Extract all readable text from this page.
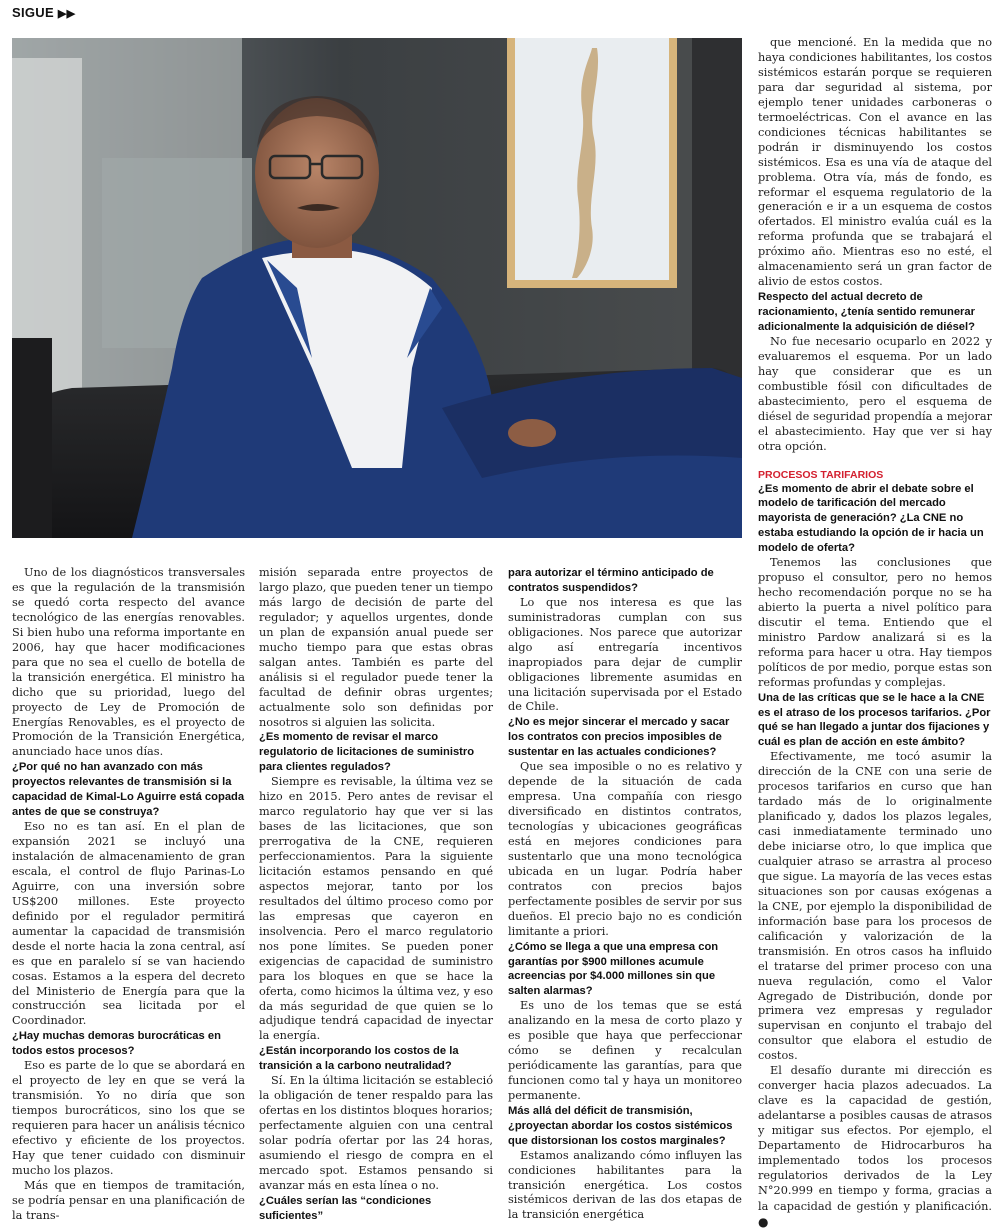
SIGUE ▶▶

que mencioné. En la medida que no haya condiciones habilitantes, los costos sistémicos estarán porque se requieren para dar seguridad al sistema, por ejemplo tener unidades carboneras o termoeléctricas. Con el avance en las condiciones técnicas habilitantes se podrán ir disminuyendo los costos sistémicos. Esa es una vía de ataque del problema. Otra vía, más de fondo, es reformar el esquema regulatorio de la generación e ir a un esquema de costos ofertados. El ministro evalúa cuál es la reforma profunda que se trabajará el próximo año. Mientras eso no esté, el almacenamiento será un gran factor de alivio de estos costos.

Respecto del actual decreto de racionamiento, ¿tenía sentido remunerar adicionalmente la adquisición de diésel?

No fue necesario ocuparlo en 2022 y evaluaremos el esquema. Por un lado hay que considerar que es un combustible fósil con dificultades de abastecimiento, pero el esquema de diésel de seguridad propendía a mejorar el abastecimiento. Hay que ver si hay otra opción.

PROCESOS TARIFARIOS

¿Es momento de abrir el debate sobre el modelo de tarificación del mercado mayorista de generación? ¿La CNE no estaba estudiando la opción de ir hacia un modelo de oferta?

Tenemos las conclusiones que propuso el consultor, pero no hemos hecho recomendación porque no se ha abierto la puerta a nivel político para discutir el tema. Entiendo que el ministro Pardow analizará si es la reforma para hacer u otra. Hay tiempos políticos de por medio, porque estas son reformas profundas y complejas.

Una de las críticas que se le hace a la CNE es el atraso de los procesos tarifarios. ¿Por qué se han llegado a juntar dos fijaciones y cuál es plan de acción en este ámbito?

Efectivamente, me tocó asumir la dirección de la CNE con una serie de procesos tarifarios en curso que han tardado más de lo originalmente planificado y, dados los plazos legales, casi inmediatamente terminado uno debe iniciarse otro, lo que implica que cualquier atraso se arrastra al proceso que sigue. La mayoría de las veces estas situaciones son por causas exógenas a la CNE, por ejemplo la disponibilidad de información base para los procesos de calificación y valorización de la transmisión. En otros casos ha influido el tratarse del primer proceso con una nueva regulación, como el Valor Agregado de Distribución, donde por primera vez empresas y regulador supervisan en conjunto el trabajo del consultor que elabora el estudio de costos.

El desafío durante mi dirección es converger hacia plazos adecuados. La clave es la capacidad de gestión, adelantarse a posibles causas de atrasos y mitigar sus efectos. Por ejemplo, el Departamento de Hidrocarburos ha implementado todos los procesos regulatorios derivados de la Ley N°20.999 en tiempo y forma, gracias a la capacidad de gestión y planificación. ●

Uno de los diagnósticos transversales es que la regulación de la transmisión se quedó corta respecto del avance tecnológico de las energías renovables. Si bien hubo una reforma importante en 2006, hay que hacer modificaciones para que no sea el cuello de botella de la transición energética. El ministro ha dicho que su prioridad, luego del proyecto de Ley de Promoción de Energías Renovables, es el proyecto de Promoción de la Transición Energética, anunciado hace unos días.

¿Por qué no han avanzado con más proyectos relevantes de transmisión si la capacidad de Kimal-Lo Aguirre está copada antes de que se construya?

Eso no es tan así. En el plan de expansión 2021 se incluyó una instalación de almacenamiento de gran escala, el control de flujo Parinas-Lo Aguirre, con una inversión sobre US$200 millones. Este proyecto definido por el regulador permitirá aumentar la capacidad de transmisión desde el norte hacia la zona central, así es que en paralelo sí se van haciendo cosas. Estamos a la espera del decreto del Ministerio de Energía para que la construcción sea licitada por el Coordinador.

¿Hay muchas demoras burocráticas en todos estos procesos?

Eso es parte de lo que se abordará en el proyecto de ley en que se verá la transmisión. Yo no diría que son tiempos burocráticos, sino los que se requieren para hacer un análisis técnico efectivo y eficiente de los proyectos. Hay que tener cuidado con disminuir mucho los plazos.

Más que en tiempos de tramitación, se podría pensar en una planificación de la trans-

misión separada entre proyectos de largo plazo, que pueden tener un tiempo más largo de decisión de parte del regulador; y aquellos urgentes, donde un plan de expansión anual puede ser mucho tiempo para que estas obras salgan antes. También es parte del análisis si el regulador puede tener la facultad de definir obras urgentes; actualmente solo son definidas por nosotros si alguien las solicita.

¿Es momento de revisar el marco regulatorio de licitaciones de suministro para clientes regulados?

Siempre es revisable, la última vez se hizo en 2015. Pero antes de revisar el marco regulatorio hay que ver si las bases de las licitaciones, que son prerrogativa de la CNE, requieren perfeccionamientos. Para la siguiente licitación estamos pensando en qué aspectos mejorar, tanto por los resultados del último proceso como por las empresas que cayeron en insolvencia. Pero el marco regulatorio nos pone límites. Se pueden poner exigencias de capacidad de suministro para los bloques en que se hace la oferta, como hicimos la última vez, y eso da más seguridad de que quien se lo adjudique tendrá capacidad de inyectar la energía.

¿Están incorporando los costos de la transición a la carbono neutralidad?

Sí. En la última licitación se estableció la obligación de tener respaldo para las ofertas en los distintos bloques horarios; perfectamente alguien con una central solar podría ofertar por las 24 horas, asumiendo el riesgo de compra en el mercado spot. Estamos pensando si avanzar más en esta línea o no.

¿Cuáles serían las “condiciones suficientes”

para autorizar el término anticipado de contratos suspendidos?

Lo que nos interesa es que las suministradoras cumplan con sus obligaciones. Nos parece que autorizar algo así entregaría incentivos inapropiados para dejar de cumplir obligaciones libremente asumidas en una licitación supervisada por el Estado de Chile.

¿No es mejor sincerar el mercado y sacar los contratos con precios imposibles de sustentar en las actuales condiciones?

Que sea imposible o no es relativo y depende de la situación de cada empresa. Una compañía con riesgo diversificado en distintos contratos, tecnologías y ubicaciones geográficas está en mejores condiciones para sustentarlo que una mono tecnológica ubicada en un lugar. Podría haber contratos con precios bajos perfectamente posibles de servir por sus dueños. El precio bajo no es condición limitante a priori.

¿Cómo se llega a que una empresa con garantías por $900 millones acumule acreencias por $4.000 millones sin que salten alarmas?

Es uno de los temas que se está analizando en la mesa de corto plazo y es posible que haya que perfeccionar cómo se definen y recalculan periódicamente las garantías, para que funcionen como tal y haya un monitoreo permanente.

Más allá del déficit de transmisión, ¿proyectan abordar los costos sistémicos que distorsionan los costos marginales?

Estamos analizando cómo influyen las condiciones habilitantes para la transición energética. Los costos sistémicos derivan de las dos etapas de la transición energética
